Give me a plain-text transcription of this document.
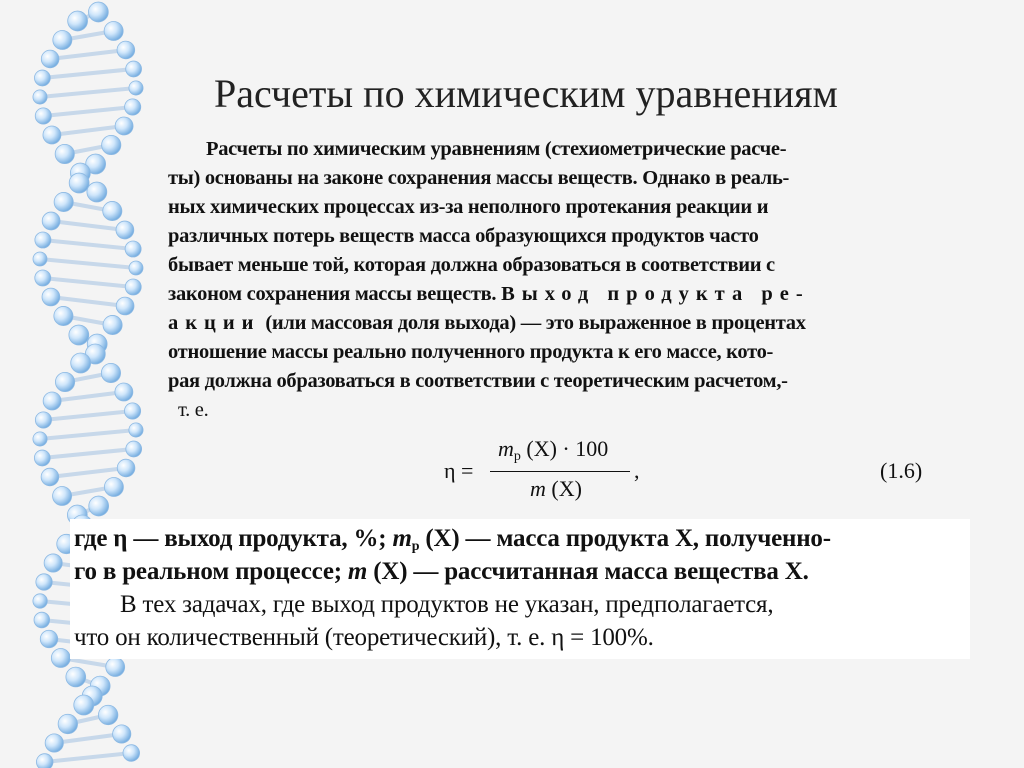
Расчеты по химическим уравнениям

Расчеты по химическим уравнениям (стехиометрические расче-

ты) основаны на законе сохранения массы веществ. Однако в реаль-

ных химических процессах из-за неполного протекания реакции и

различных потерь веществ масса образующихся продуктов часто

бывает меньше той, которая должна образоваться в соответствии с

законом сохранения массы веществ. Выход продукта ре-

акции (или массовая доля выхода) — это выраженное в процентах

отношение массы реально полученного продукта к его массе, кото-

рая должна образоваться в соответствии с теоретическим расчетом,-

т. е.

η =
$m_p$ (X) · 100
,
m (X)
(1.6)

где η — выход продукта, %; $m_p$ (X) — масса продукта X, полученно-

го в реальном процессе; m (X) — рассчитанная масса вещества X.

В тех задачах, где выход продуктов не указан, предполагается,

что он количественный (теоретический), т. е. η = 100%.
